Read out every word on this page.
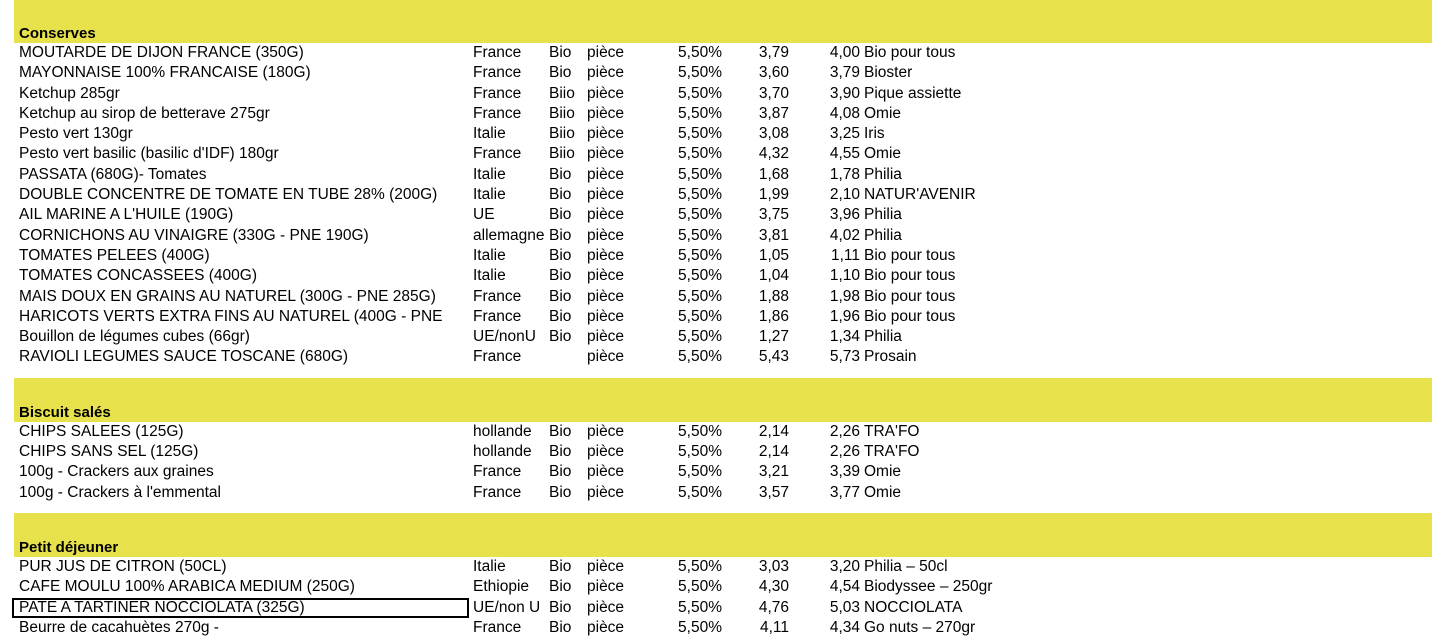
Conserves
MOUTARDE DE DIJON FRANCE (350G)	France	Bio	pièce	5,50%	3,79	4,00 Bio pour tous
MAYONNAISE 100% FRANCAISE (180G)	France	Bio	pièce	5,50%	3,60	3,79 Bioster
Ketchup 285gr	France	Biio pièce	5,50%	3,70	3,90 Pique assiette
Ketchup au sirop de betterave 275gr	France	Biio pièce	5,50%	3,87	4,08 Omie
Pesto vert 130gr	Italie	Biio pièce	5,50%	3,08	3,25 Iris
Pesto vert basilic (basilic d'IDF) 180gr	France	Biio pièce	5,50%	4,32	4,55 Omie
PASSATA (680G)- Tomates	Italie	Bio	pièce	5,50%	1,68	1,78 Philia
DOUBLE CONCENTRE DE TOMATE EN TUBE 28% (200G)	Italie	Bio	pièce	5,50%	1,99	2,10 NATUR'AVENIR
AIL MARINE A L'HUILE (190G)	UE	Bio	pièce	5,50%	3,75	3,96 Philia
CORNICHONS AU VINAIGRE (330G - PNE 190G)	allemagne Bio	pièce	5,50%	3,81	4,02 Philia
TOMATES PELEES (400G)	Italie	Bio	pièce	5,50%	1,05	1,11 Bio pour tous
TOMATES CONCASSEES (400G)	Italie	Bio	pièce	5,50%	1,04	1,10 Bio pour tous
MAIS DOUX EN GRAINS AU NATUREL (300G - PNE 285G)	France	Bio	pièce	5,50%	1,88	1,98 Bio pour tous
HARICOTS VERTS EXTRA FINS AU NATUREL (400G - PNE	France	Bio	pièce	5,50%	1,86	1,96 Bio pour tous
Bouillon de légumes cubes (66gr)	UE/nonU Bio	pièce	5,50%	1,27	1,34 Philia
RAVIOLI LEGUMES SAUCE TOSCANE (680G)	France	pièce	5,50%	5,43	5,73 Prosain
Biscuit salés
CHIPS SALEES (125G)	hollande	Bio	pièce	5,50%	2,14	2,26 TRA'FO
CHIPS SANS SEL (125G)	hollande	Bio	pièce	5,50%	2,14	2,26 TRA'FO
100g - Crackers aux graines	France	Bio	pièce	5,50%	3,21	3,39 Omie
100g - Crackers à l'emmental	France	Bio	pièce	5,50%	3,57	3,77 Omie
Petit déjeuner
PUR JUS DE CITRON (50CL)	Italie	Bio	pièce	5,50%	3,03	3,20 Philia – 50cl
CAFE MOULU 100% ARABICA MEDIUM (250G)	Ethiopie	Bio	pièce	5,50%	4,30	4,54 Biodyssee – 250gr
PATE A TARTINER NOCCIOLATA (325G)	UE/non U Bio	pièce	5,50%	4,76	5,03 NOCCIOLATA
Beurre de cacahuètes 270g -	France	Bio	pièce	5,50%	4,11	4,34 Go nuts – 270gr
